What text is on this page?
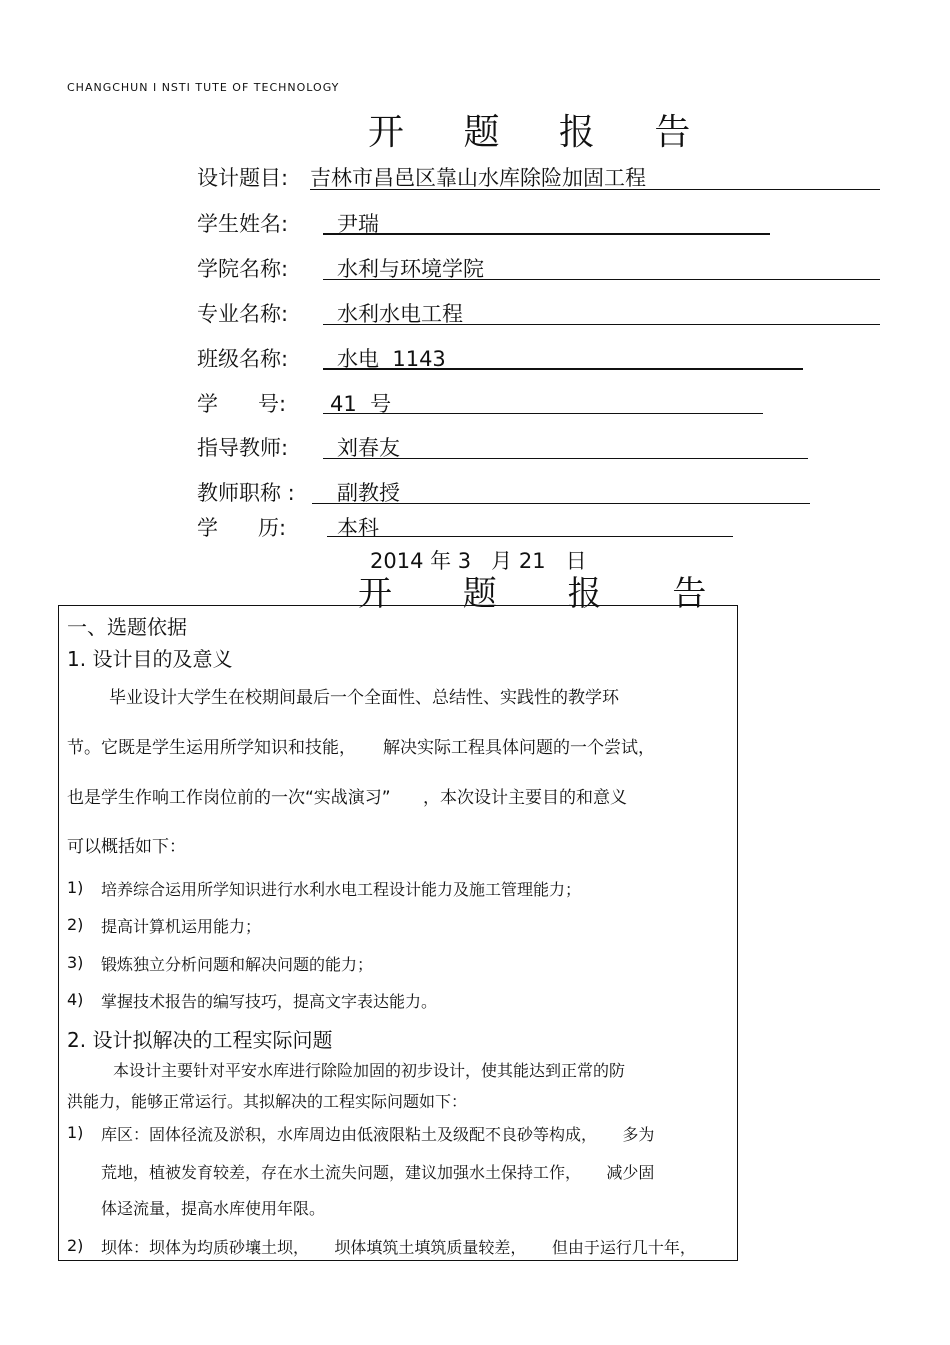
CHANGCHUN I NSTI TUTE OF TECHNOLOGY
开 题 报 告
设计题目: 吉林市昌邑区靠山水库除险加固工程
学生姓名: 尹瑞
学院名称: 水利与环境学院
专业名称: 水利水电工程
班级名称: 水电  1143
学      号: 41  号
指导教师: 刘春友
教师职称 : 副教授
学      历: 本科
2014 年 3   月 21   日
开 题 报 告
一、选题依据
1. 设计目的及意义
毕业设计大学生在校期间最后一个全面性、总结性、实践性的教学环
节。它既是学生运用所学知识和技能，     解决实际工程具体问题的一个尝试，
也是学生作响工作岗位前的一次“实战演习”      ，本次设计主要目的和意义
可以概括如下：
1) 培养综合运用所学知识进行水利水电工程设计能力及施工管理能力；
2) 提高计算机运用能力；
3) 锻炼独立分析问题和解决问题的能力；
4) 掌握技术报告的编写技巧，提高文字表达能力。
2. 设计拟解决的工程实际问题
本设计主要针对平安水库进行除险加固的初步设计，使其能达到正常的防
洪能力，能够正常运行。其拟解决的工程实际问题如下：
1) 库区：固体径流及淤积，水库周边由低液限粘土及级配不良砂等构成，     多为
荒地，植被发育较差，存在水土流失问题，建议加强水土保持工作，     减少固
体迳流量，提高水库使用年限。
2) 坝体：坝体为均质砂壤土坝，     坝体填筑土填筑质量较差，     但由于运行几十年，
